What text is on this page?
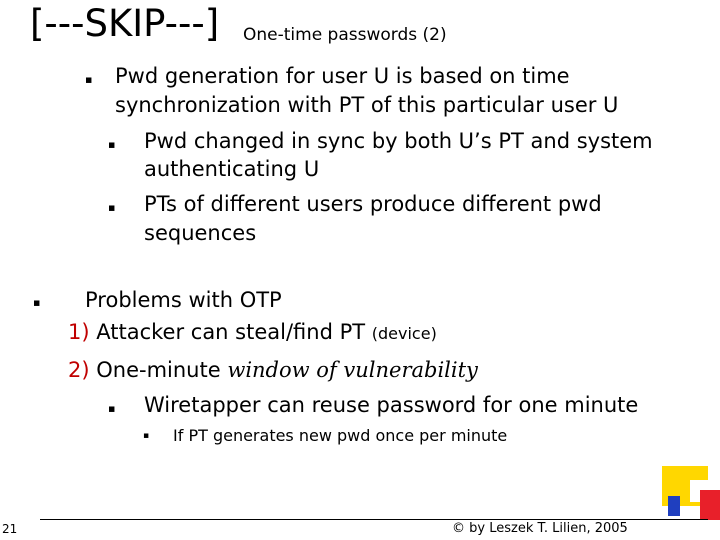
[---SKIP---] One-time passwords (2)
▪ Pwd generation for user U is based on time
synchronization with PT of this particular user U
▪ Pwd changed in sync by both U’s PT and system
authenticating U
▪ PTs of different users produce different pwd
sequences
▪ Problems with OTP
1) Attacker can steal/find PT (device)
2) One-minute window of vulnerability
▪ Wiretapper can reuse password for one minute
▪ If PT generates new pwd once per minute
21	© by Leszek T. Lilien, 2005
